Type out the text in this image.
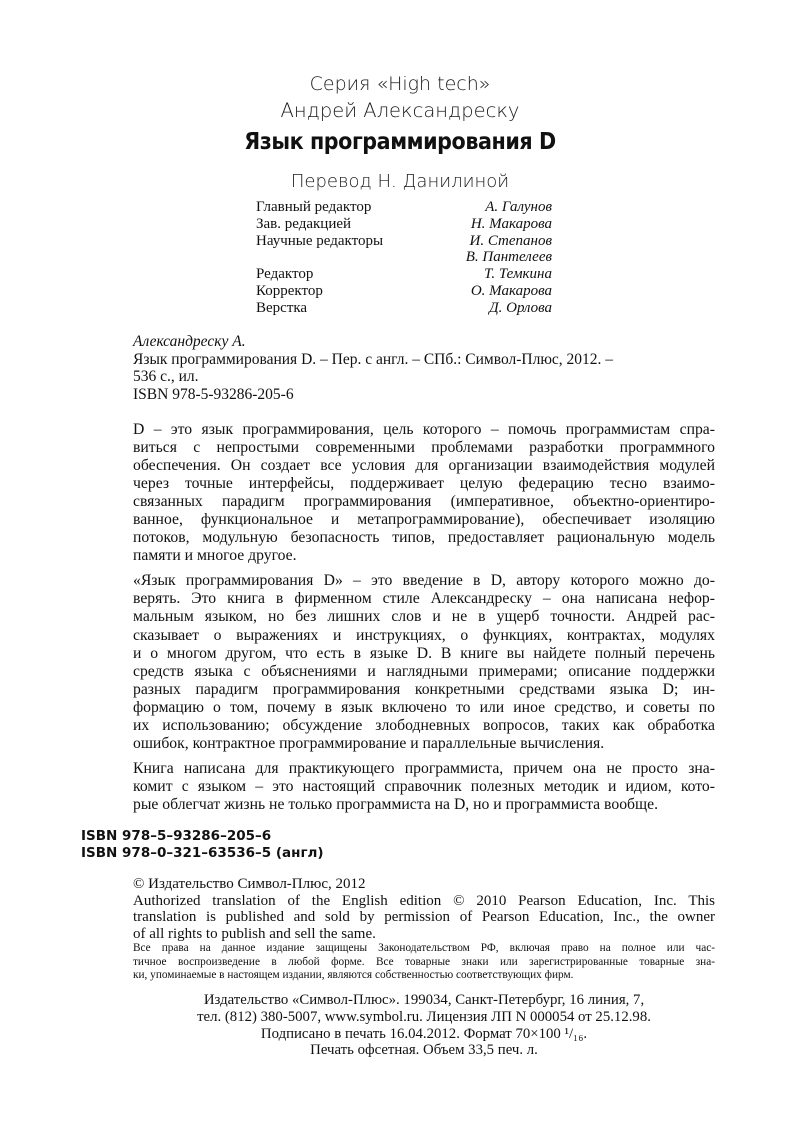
Серия «High tech»
Андрей Александреску
Язык программирования D
Перевод Н. Данилиной
Главный редактор	А. Галунов
Зав. редакцией	Н. Макарова
Научные редакторы	И. Степанов
В. Пантелеев
Редактор	Т. Темкина
Корректор	О. Макарова
Верстка	Д. Орлова
Александреску А.
Язык программирования D. – Пер. с англ. – СПб.: Символ-Плюс, 2012. –
536 с., ил.
ISBN 978-5-93286-205-6
D – это язык программирования, цель которого – помочь программистам спра-
виться с непростыми современными проблемами разработки программного
обеспечения. Он создает все условия для организации взаимодействия модулей
через точные интерфейсы, поддерживает целую федерацию тесно взаимо-
связанных парадигм программирования (императивное, объектно-ориентиро-
ванное, функциональное и метапрограммирование), обеспечивает изоляцию
потоков, модульную безопасность типов, предоставляет рациональную модель
памяти и многое другое.
«Язык программирования D» – это введение в D, автору которого можно до-
верять. Это книга в фирменном стиле Александреску – она написана нефор-
мальным языком, но без лишних слов и не в ущерб точности. Андрей рас-
сказывает о выражениях и инструкциях, о функциях, контрактах, модулях
и о многом другом, что есть в языке D. В книге вы найдете полный перечень
средств языка с объяснениями и наглядными примерами; описание поддержки
разных парадигм программирования конкретными средствами языка D; ин-
формацию о том, почему в язык включено то или иное средство, и советы по
их использованию; обсуждение злободневных вопросов, таких как обработка
ошибок, контрактное программирование и параллельные вычисления.
Книга написана для практикующего программиста, причем она не просто зна-
комит с языком – это настоящий справочник полезных методик и идиом, кото-
рые облегчат жизнь не только программиста на D, но и программиста вообще.
ISBN 978–5–93286–205–6
ISBN 978–0–321–63536–5 (англ)
© Издательство Символ-Плюс, 2012
Authorized translation of the English edition © 2010 Pearson Education, Inc. This
translation is published and sold by permission of Pearson Education, Inc., the owner
of all rights to publish and sell the same.
Все права на данное издание защищены Законодательством РФ, включая право на полное или час-
тичное воспроизведение в любой форме. Все товарные знаки или зарегистрированные товарные зна-
ки, упоминаемые в настоящем издании, являются собственностью соответствующих фирм.
Издательство «Символ-Плюс». 199034, Санкт-Петербург, 16 линия, 7,
тел. (812) 380-5007, www.symbol.ru. Лицензия ЛП N 000054 от 25.12.98.
Подписано в печать 16.04.2012. Формат 70×100 ¹/₁₆.
Печать офсетная. Объем 33,5 печ. л.
